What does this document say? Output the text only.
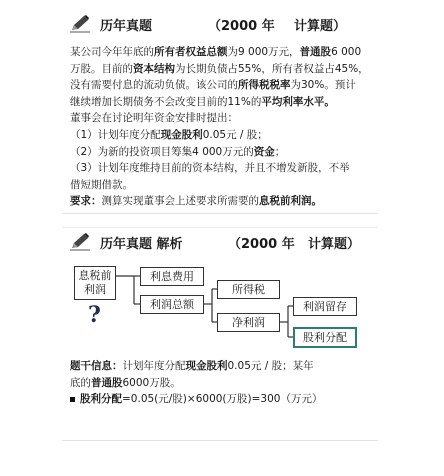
历年真题	（2000 年 计算题）

某公司今年年底的所有者权益总额为9 000万元，普通股6 000

万股。目前的资本结构为长期负债占55%，所有者权益占45%，

没有需要付息的流动负债。该公司的所得税税率为30%。预计

继续增加长期债务不会改变目前的11%的平均利率水平。

董事会在讨论明年资金安排时提出：

（1）计划年度分配现金股利0.05元 / 股；

（2）为新的投资项目筹集4 000万元的资金；

（3）计划年度维持目前的资本结构，并且不增发新股，不举

借短期借款。

要求：测算实现董事会上述要求所需要的息税前利润。

历年真题 解析	（2000 年 计算题）
息税前
利润
?
利息费用
利润总额
所得税
净利润
利润留存
股利分配

题干信息：计划年度分配现金股利0.05元 / 股；某年

底的普通股6000万股。

股利分配=0.05(元/股)×6000(万股)=300（万元）
